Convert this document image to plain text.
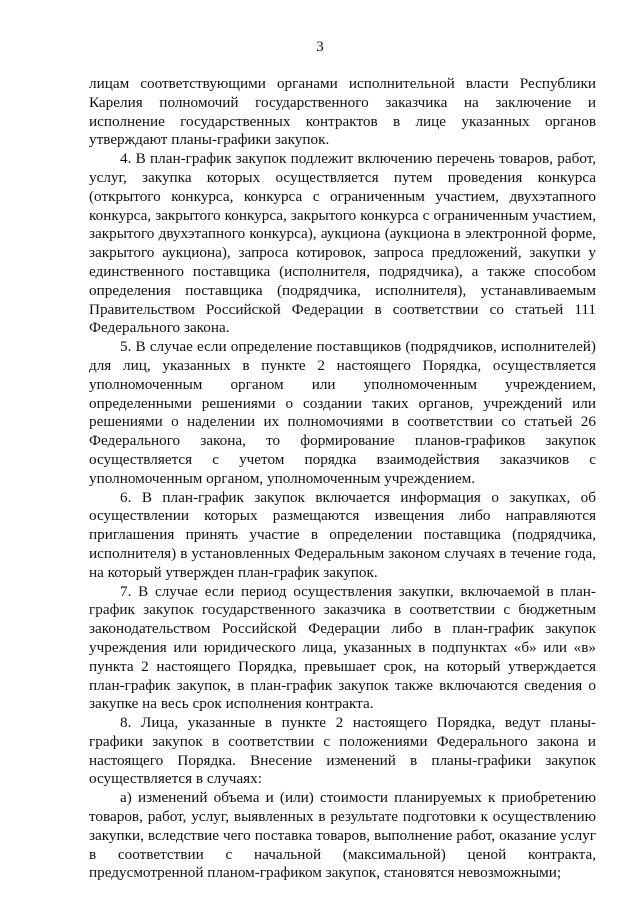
3

лицам соответствующими органами исполнительной власти Республики Карелия полномочий государственного заказчика на заключение и исполнение государственных контрактов в лице указанных органов утверждают планы-графики закупок.

4. В план-график закупок подлежит включению перечень товаров, работ, услуг, закупка которых осуществляется путем проведения конкурса (открытого конкурса, конкурса с ограниченным участием, двухэтапного конкурса, закрытого конкурса, закрытого конкурса с ограниченным участием, закрытого двухэтапного конкурса), аукциона (аукциона в электронной форме, закрытого аукциона), запроса котировок, запроса предложений, закупки у единственного поставщика (исполнителя, подрядчика), а также способом определения поставщика (подрядчика, исполнителя), устанавливаемым Правительством Российской Федерации в соответствии со статьей 111 Федерального закона.

5. В случае если определение поставщиков (подрядчиков, исполнителей) для лиц, указанных в пункте 2 настоящего Порядка, осуществляется уполномоченным органом или уполномоченным учреждением, определенными решениями о создании таких органов, учреждений или решениями о наделении их полномочиями в соответствии со статьей 26 Федерального закона, то формирование планов-графиков закупок осуществляется с учетом порядка взаимодействия заказчиков с уполномоченным органом, уполномоченным учреждением.

6. В план-график закупок включается информация о закупках, об осуществлении которых размещаются извещения либо направляются приглашения принять участие в определении поставщика (подрядчика, исполнителя) в установленных Федеральным законом случаях в течение года, на который утвержден план-график закупок.

7. В случае если период осуществления закупки, включаемой в план-график закупок государственного заказчика в соответствии с бюджетным законодательством Российской Федерации либо в план-график закупок учреждения или юридического лица, указанных в подпунктах «б» или «в» пункта 2 настоящего Порядка, превышает срок, на который утверждается план-график закупок, в план-график закупок также включаются сведения о закупке на весь срок исполнения контракта.

8. Лица, указанные в пункте 2 настоящего Порядка, ведут планы-графики закупок в соответствии с положениями Федерального закона и настоящего Порядка. Внесение изменений в планы-графики закупок осуществляется в случаях:

а) изменений объема и (или) стоимости планируемых к приобретению товаров, работ, услуг, выявленных в результате подготовки к осуществлению закупки, вследствие чего поставка товаров, выполнение работ, оказание услуг в соответствии с начальной (максимальной) ценой контракта, предусмотренной планом-графиком закупок, становятся невозможными;
